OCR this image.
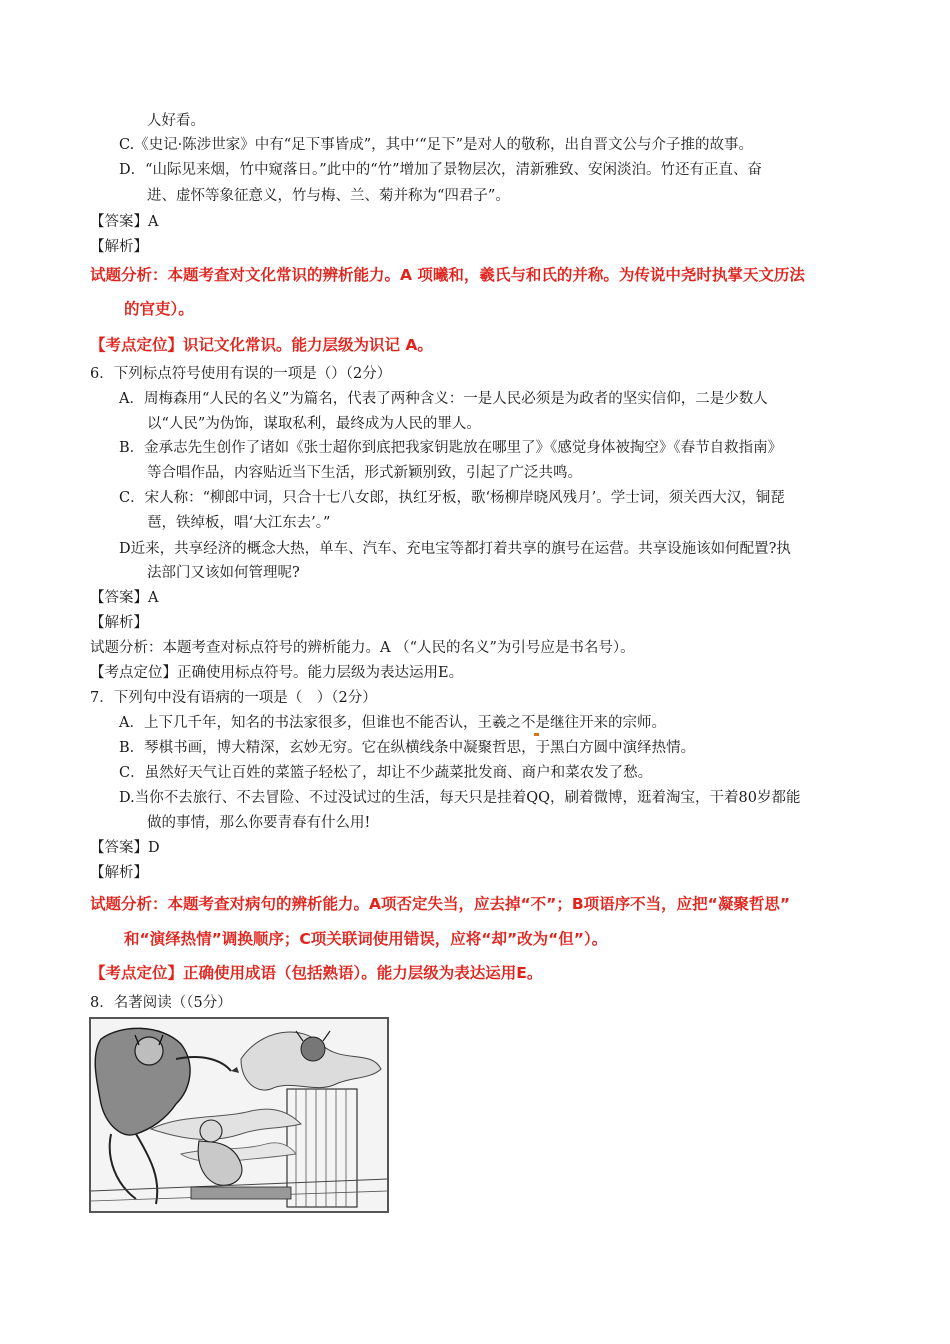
人好看。
C.《史记·陈涉世家》中有“足下事皆成”，其中‘“足下”是对人的敬称，出自晋文公与介子推的故事。
D．“山际见来烟，竹中窥落日。”此中的“竹”增加了景物层次，清新雅致、安闲淡泊。竹还有正直、奋
进、虚怀等象征意义，竹与梅、兰、菊并称为“四君子”。
【答案】A
【解析】
试题分析：本题考查对文化常识的辨析能力。A 项曦和，羲氏与和氏的并称。为传说中尧时执掌天文历法
的官吏）。
【考点定位】识记文化常识。能力层级为识记 A。
6．下列标点符号使用有误的一项是（）（2分）
A．周梅森用“人民的名义”为篇名，代表了两种含义：一是人民必须是为政者的坚实信仰，二是少数人
以“人民”为伪饰，谋取私利，最终成为人民的罪人。
B．金承志先生创作了诸如《张士超你到底把我家钥匙放在哪里了》《感觉身体被掏空》《春节自救指南》
等合唱作品，内容贴近当下生活，形式新颖别致，引起了广泛共鸣。
C．宋人称：“柳郎中词，只合十七八女郎，执红牙板，歌‘杨柳岸晓风残月’。学士词，须关西大汉，铜琵
琶，铁绰板，唱‘大江东去’。”
D近来，共享经济的概念大热，单车、汽车、充电宝等都打着共享的旗号在运营。共享设施该如何配置?执
法部门又该如何管理呢?
【答案】A
【解析】
试题分析：本题考查对标点符号的辨析能力。A （“人民的名义”为引号应是书名号）。
【考点定位】正确使用标点符号。能力层级为表达运用E。
7．下列句中没有语病的一项是（　）（2分）
A．上下几千年，知名的书法家很多，但谁也不能否认，王羲之不是继往开来的宗师。
B．琴棋书画，博大精深，玄妙无穷。它在纵横线条中凝聚哲思，于黑白方圆中演绎热情。
C．虽然好天气让百姓的菜篮子轻松了，却让不少蔬菜批发商、商户和菜农发了愁。
D.当你不去旅行、不去冒险、不过没试过的生活，每天只是挂着QQ，刷着微博，逛着淘宝，干着80岁都能
做的事情，那么你要青春有什么用!
【答案】D
【解析】
试题分析：本题考查对病句的辨析能力。A项否定失当，应去掉“不”；B项语序不当，应把“凝聚哲思”
和“演绎热情”调换顺序；C项关联词使用错误，应将“却”改为“但”）。
【考点定位】正确使用成语（包括熟语）。能力层级为表达运用E。
8．名著阅读（（5分）
